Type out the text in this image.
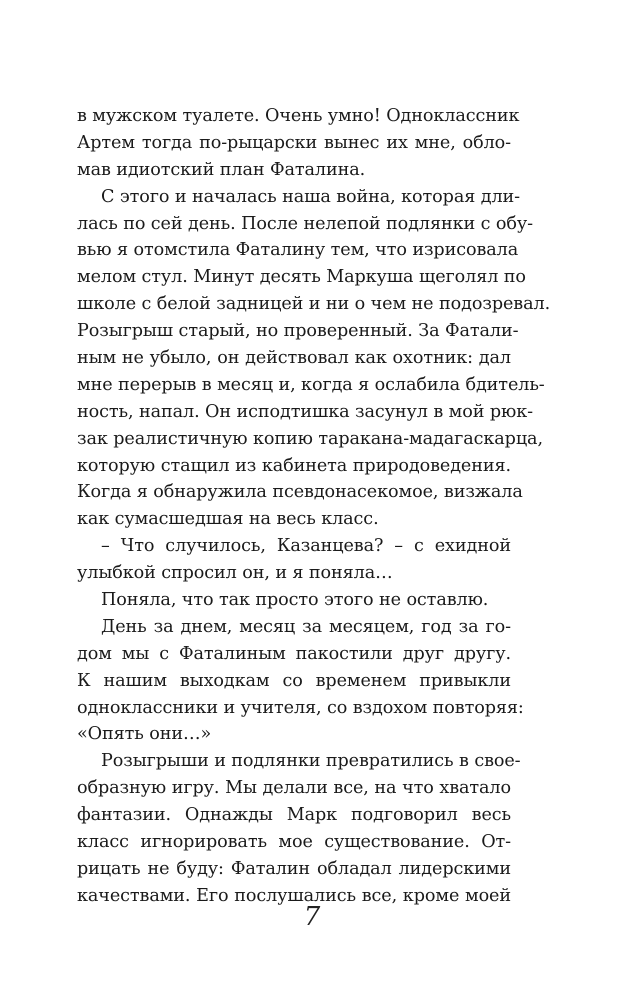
в мужском туалете. Очень умно! Одноклассник
Артем тогда по-рыцарски вынес их мне, обло-
мав идиотский план Фаталина.
С этого и началась наша война, которая дли-
лась по сей день. После нелепой подлянки с обу-
вью я отомстила Фаталину тем, что изрисовала
мелом стул. Минут десять Маркуша щеголял по
школе с белой задницей и ни о чем не подозревал.
Розыгрыш старый, но проверенный. За Фатали-
ным не убыло, он действовал как охотник: дал
мне перерыв в месяц и, когда я ослабила бдитель-
ность, напал. Он исподтишка засунул в мой рюк-
зак реалистичную копию таракана-мадагаскарца,
которую стащил из кабинета природоведения.
Когда я обнаружила псевдонасекомое, визжала
как сумасшедшая на весь класс.
– Что случилось, Казанцева? – с ехидной
улыбкой спросил он, и я поняла…
Поняла, что так просто этого не оставлю.
День за днем, месяц за месяцем, год за го-
дом мы с Фаталиным пакостили друг другу.
К нашим выходкам со временем привыкли
одноклассники и учителя, со вздохом повторяя:
«Опять они…»
Розыгрыши и подлянки превратились в свое-
образную игру. Мы делали все, на что хватало
фантазии. Однажды Марк подговорил весь
класс игнорировать мое существование. От-
рицать не буду: Фаталин обладал лидерскими
качествами. Его послушались все, кроме моей
7
